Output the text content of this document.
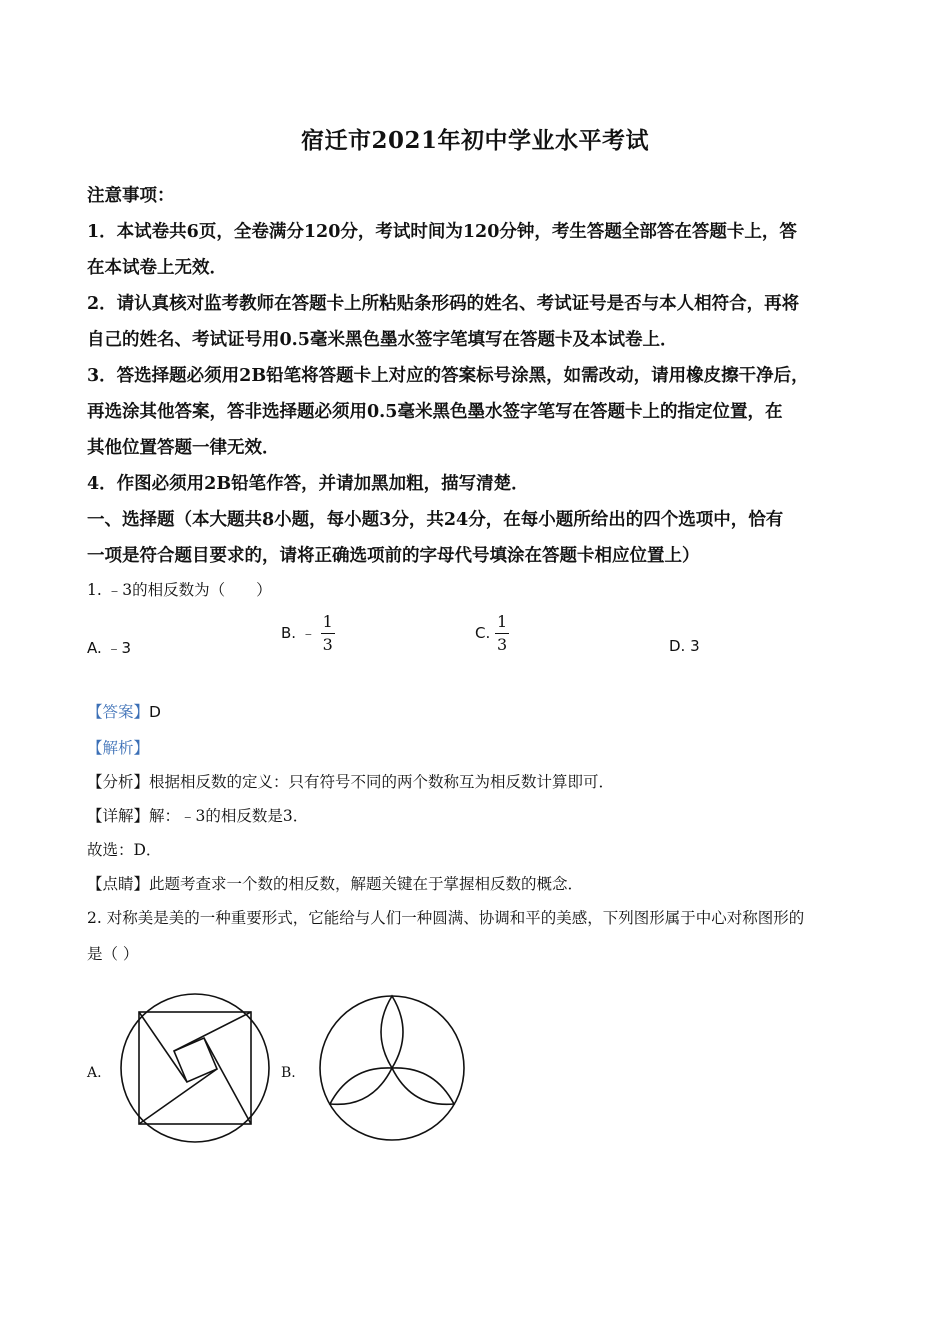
宿迁市2021年初中学业水平考试
注意事项：
1．本试卷共6页，全卷满分120分，考试时间为120分钟，考生答题全部答在答题卡上，答
在本试卷上无效．
2．请认真核对监考教师在答题卡上所粘贴条形码的姓名、考试证号是否与本人相符合，再将
自己的姓名、考试证号用0.5毫米黑色墨水签字笔填写在答题卡及本试卷上．
3．答选择题必须用2B铅笔将答题卡上对应的答案标号涂黑，如需改动，请用橡皮擦干净后，
再选涂其他答案，答非选择题必须用0.5毫米黑色墨水签字笔写在答题卡上的指定位置，在
其他位置答题一律无效．
4．作图必须用2B铅笔作答，并请加黑加粗，描写清楚．
一、选择题（本大题共8小题，每小题3分，共24分，在每小题所给出的四个选项中，恰有
一项是符合题目要求的，请将正确选项前的字母代号填涂在答题卡相应位置上）
1. ﹣3的相反数为（　　）
A. ﹣3
B. ﹣ $\frac{1}{3}$	C. $\frac{1}{3}$	D. 3
【答案】D
【解析】
【分析】根据相反数的定义：只有符号不同的两个数称互为相反数计算即可．
【详解】解：﹣3的相反数是3．
故选：D．
【点睛】此题考查求一个数的相反数，解题关键在于掌握相反数的概念．
2. 对称美是美的一种重要形式，它能给与人们一种圆满、协调和平的美感，下列图形属于中心对称图形的
是（ ）
A.	B.
